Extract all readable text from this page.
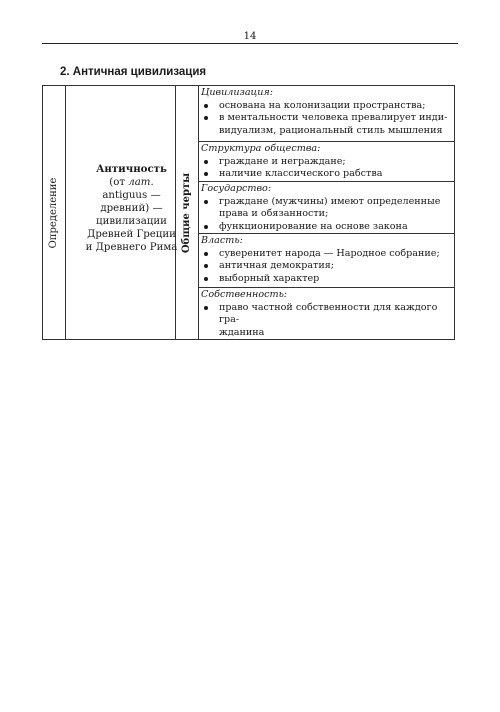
14
2. Античная цивилизация
Определение
Античность
(от лат.
antiguus —
древний) —
цивилизации
Древней Греции
и Древнего Рима Общие черты
Цивилизация:
основана на колонизации пространства;
в ментальности человека превалирует инди-
видуализм, рациональный стиль мышления
Структура общества:
граждане и неграждане;
наличие классического рабства
Государство:
граждане (мужчины) имеют определенные
права и обязанности;
функционирование на основе закона
Власть:
суверенитет народа — Народное собрание;
античная демократия;
выборный характер
Собственность:
право частной собственности для каждого гра-
жданина
